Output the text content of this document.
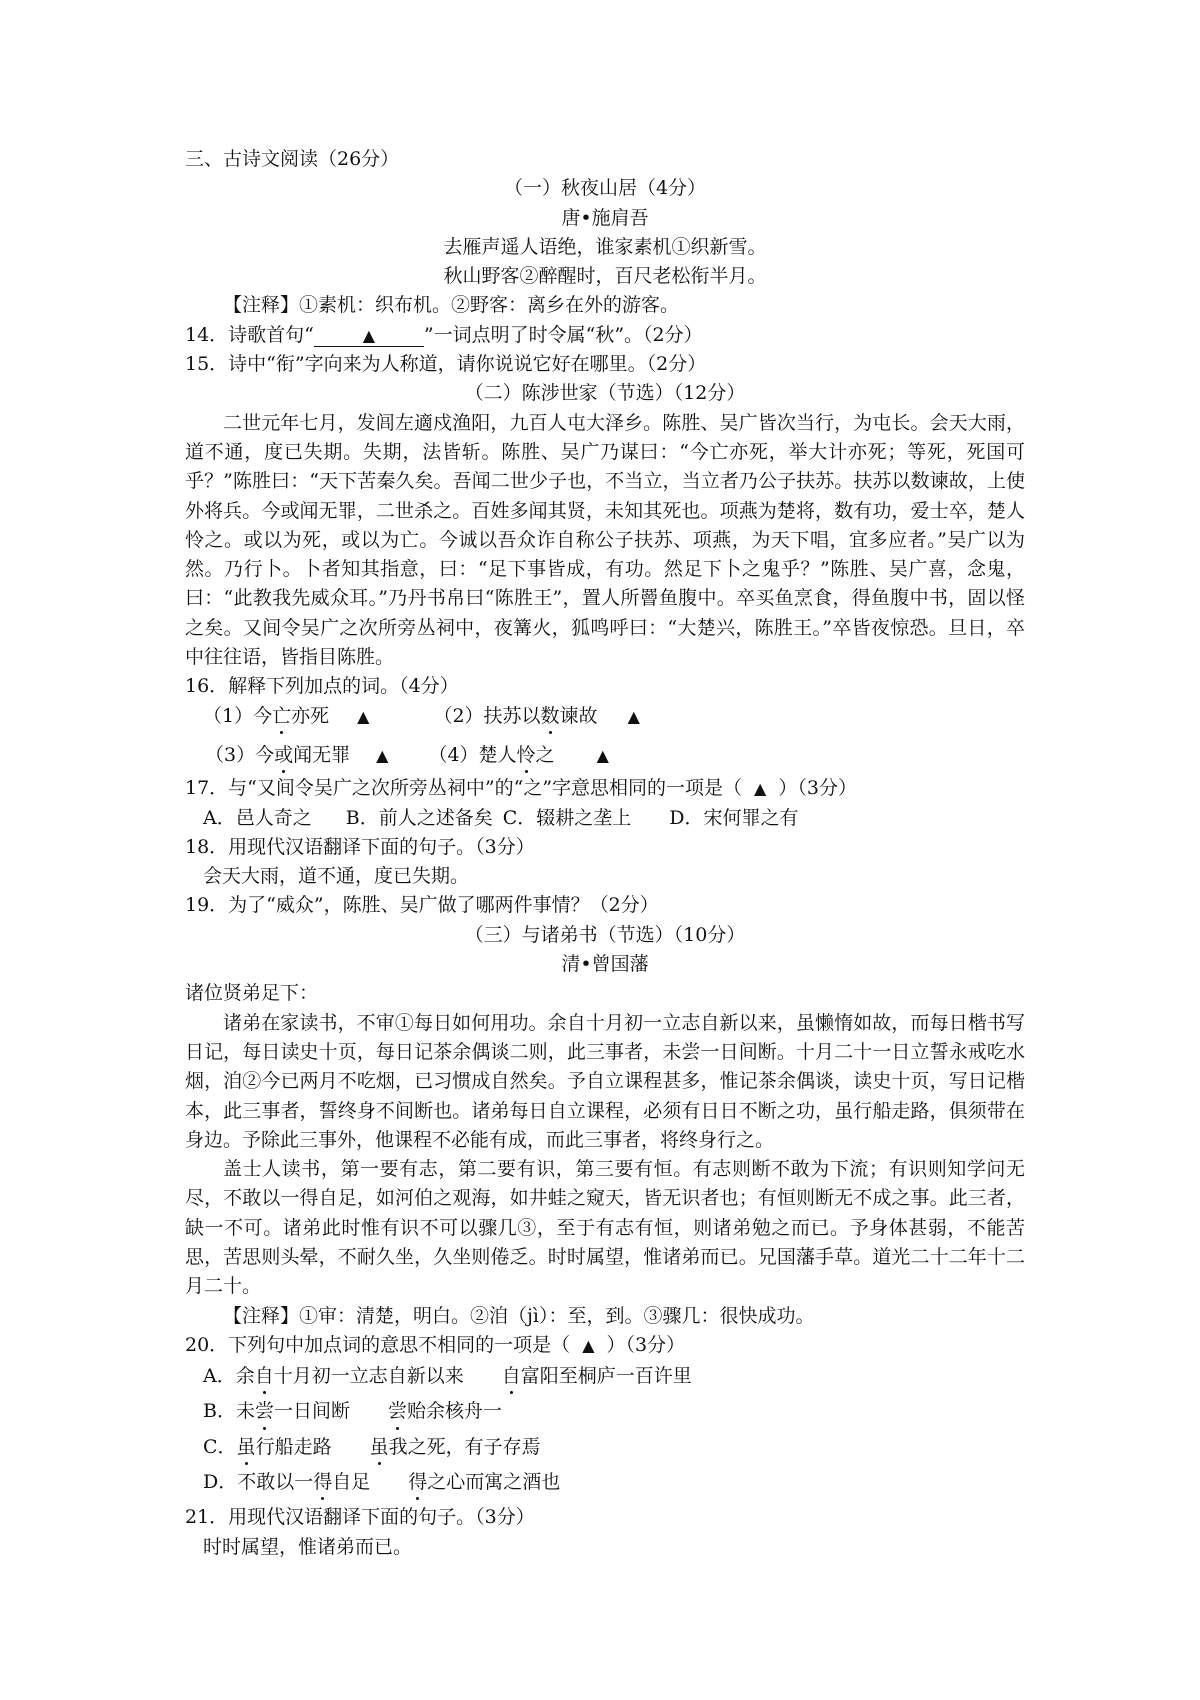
三、古诗文阅读（26分）
（一）秋夜山居（4分）
唐•施肩吾
去雁声遥人语绝，谁家素机①织新雪。
秋山野客②醉醒时，百尺老松衔半月。
【注释】①素机：织布机。②野客：离乡在外的游客。
14．诗歌首句“	▲	”一词点明了时令属“秋”。（2分）
15．诗中“衔”字向来为人称道，请你说说它好在哪里。（2分）
（二）陈涉世家（节选）（12分）
二世元年七月，发闾左適戍渔阳，九百人屯大泽乡。陈胜、吴广皆次当行，为屯长。会天大雨，道不通，度已失期。失期，法皆斩。陈胜、吴广乃谋曰：“今亡亦死，举大计亦死；等死，死国可乎？”陈胜曰：“天下苦秦久矣。吾闻二世少子也，不当立，当立者乃公子扶苏。扶苏以数谏故，上使外将兵。今或闻无罪，二世杀之。百姓多闻其贤，未知其死也。项燕为楚将，数有功，爱士卒，楚人怜之。或以为死，或以为亡。今诚以吾众诈自称公子扶苏、项燕，为天下唱，宜多应者。”吴广以为然。乃行卜。卜者知其指意，曰：“足下事皆成，有功。然足下卜之鬼乎？”陈胜、吴广喜，念鬼，曰：“此教我先威众耳。”乃丹书帛曰“陈胜王”，置人所罾鱼腹中。卒买鱼烹食，得鱼腹中书，固以怪之矣。又间令吴广之次所旁丛祠中，夜篝火，狐鸣呼曰：“大楚兴，陈胜王。”卒皆夜惊恐。旦日，卒中往往语，皆指目陈胜。
16．解释下列加点的词。（4分）
（1）今亡亦死 ▲	（2）扶苏以数谏故 ▲
（3）今或闻无罪 ▲ （4）楚人怜之	▲
17．与“又间令吴广之次所旁丛祠中”的“之”字意思相同的一项是（ ▲ ）（3分）
A．邑人奇之 B．前人之述备矣 C．辍耕之垄上 D．宋何罪之有
18．用现代汉语翻译下面的句子。（3分）
会天大雨，道不通，度已失期。
19．为了“威众”，陈胜、吴广做了哪两件事情？（2分）
（三）与诸弟书（节选）（10分）
清•曾国藩
诸位贤弟足下：
诸弟在家读书，不审①每日如何用功。余自十月初一立志自新以来，虽懒惰如故，而每日楷书写日记，每日读史十页，每日记茶余偶谈二则，此三事者，未尝一日间断。十月二十一日立誓永戒吃水烟，洎②今已两月不吃烟，已习惯成自然矣。予自立课程甚多，惟记茶余偶谈，读史十页，写日记楷本，此三事者，誓终身不间断也。诸弟每日自立课程，必须有日日不断之功，虽行船走路，俱须带在身边。予除此三事外，他课程不必能有成，而此三事者，将终身行之。
盖士人读书，第一要有志，第二要有识，第三要有恒。有志则断不敢为下流；有识则知学问无尽，不敢以一得自足，如河伯之观海，如井蛙之窥天，皆无识者也；有恒则断无不成之事。此三者，缺一不可。诸弟此时惟有识不可以骤几③，至于有志有恒，则诸弟勉之而已。予身体甚弱，不能苦思，苦思则头晕，不耐久坐，久坐则倦乏。时时属望，惟诸弟而已。兄国藩手草。道光二十二年十二月二十。
【注释】①审：清楚，明白。②洎（jì）：至，到。③骤几：很快成功。
20．下列句中加点词的意思不相同的一项是（ ▲ ）（3分）
A．余自十月初一立志自新以来 自富阳至桐庐一百许里
B．未尝一日间断 尝贻余核舟一
C．虽行船走路 虽我之死，有子存焉
D．不敢以一得自足 得之心而寓之酒也
21．用现代汉语翻译下面的句子。（3分）
时时属望，惟诸弟而已。
